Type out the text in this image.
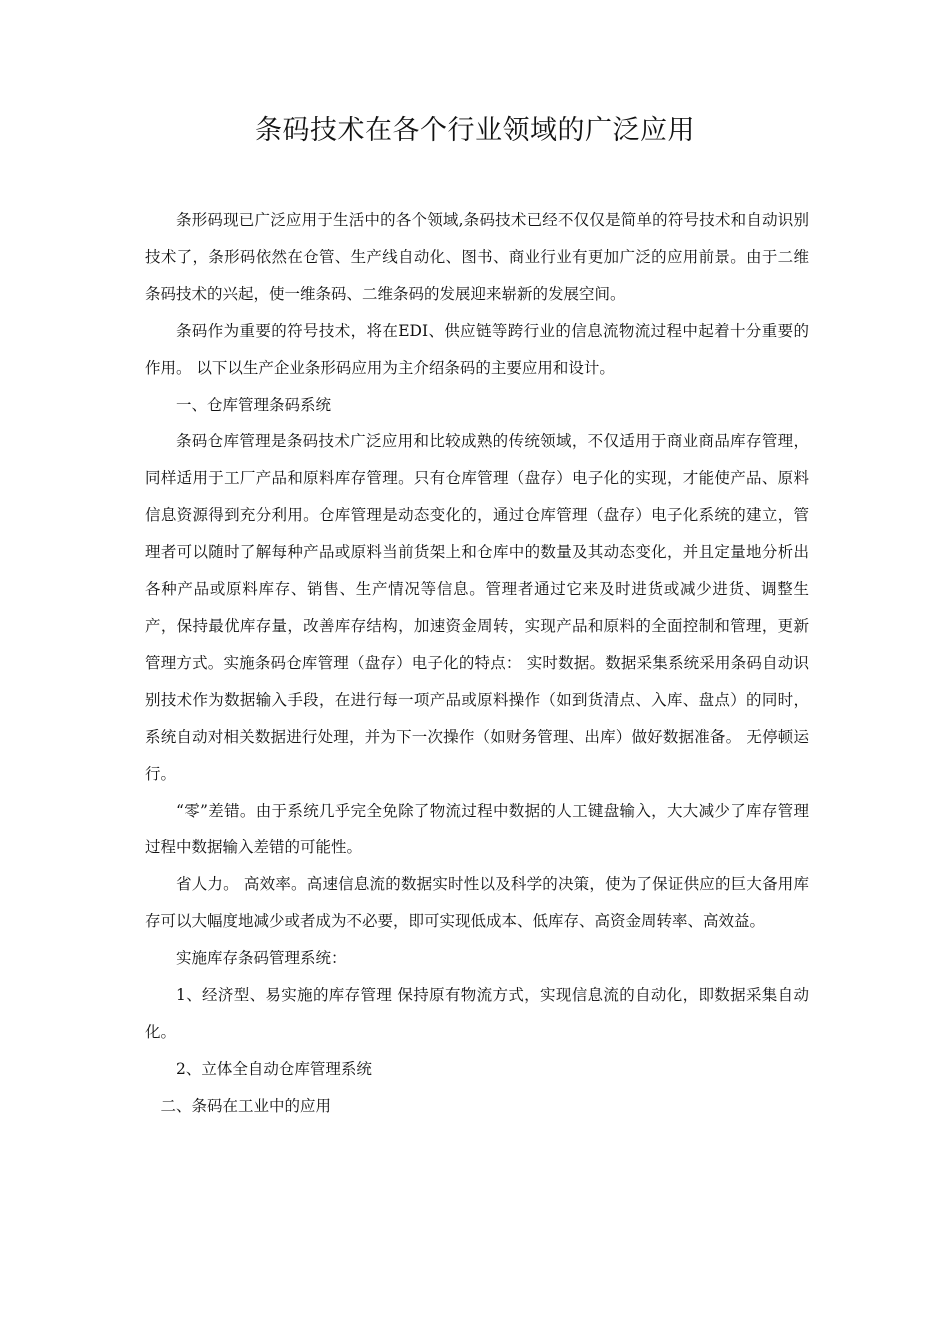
条码技术在各个行业领域的广泛应用

条形码现已广泛应用于生活中的各个领域,条码技术已经不仅仅是简单的符号技术和自动识别技术了，条形码依然在仓管、生产线自动化、图书、商业行业有更加广泛的应用前景。由于二维条码技术的兴起，使一维条码、二维条码的发展迎来崭新的发展空间。

条码作为重要的符号技术，将在EDI、供应链等跨行业的信息流物流过程中起着十分重要的作用。 以下以生产企业条形码应用为主介绍条码的主要应用和设计。

一、仓库管理条码系统

条码仓库管理是条码技术广泛应用和比较成熟的传统领域，不仅适用于商业商品库存管理，同样适用于工厂产品和原料库存管理。只有仓库管理（盘存）电子化的实现，才能使产品、原料信息资源得到充分利用。仓库管理是动态变化的，通过仓库管理（盘存）电子化系统的建立，管理者可以随时了解每种产品或原料当前货架上和仓库中的数量及其动态变化，并且定量地分析出各种产品或原料库存、销售、生产情况等信息。管理者通过它来及时进货或减少进货、调整生产，保持最优库存量，改善库存结构，加速资金周转，实现产品和原料的全面控制和管理，更新管理方式。实施条码仓库管理（盘存）电子化的特点： 实时数据。数据采集系统采用条码自动识别技术作为数据输入手段，在进行每一项产品或原料操作（如到货清点、入库、盘点）的同时，系统自动对相关数据进行处理，并为下一次操作（如财务管理、出库）做好数据准备。 无停顿运行。

“零”差错。由于系统几乎完全免除了物流过程中数据的人工键盘输入，大大减少了库存管理过程中数据输入差错的可能性。

省人力。 高效率。高速信息流的数据实时性以及科学的决策，使为了保证供应的巨大备用库存可以大幅度地减少或者成为不必要，即可实现低成本、低库存、高资金周转率、高效益。

实施库存条码管理系统：

1、经济型、易实施的库存管理 保持原有物流方式，实现信息流的自动化，即数据采集自动化。

2、立体全自动仓库管理系统

二、条码在工业中的应用
